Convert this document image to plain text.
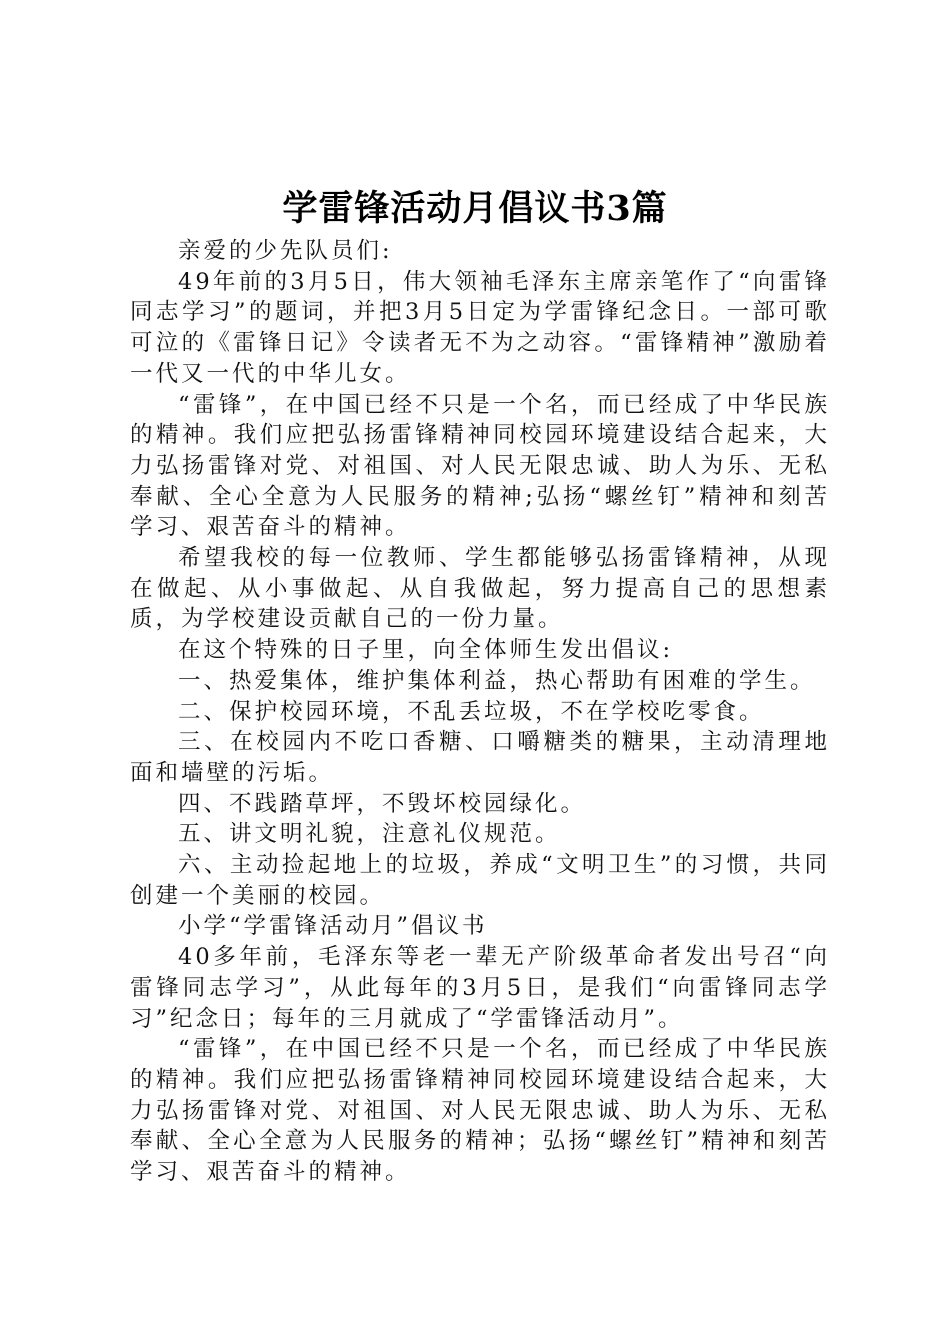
学雷锋活动月倡议书3篇

亲爱的少先队员们:

49年前的3月5日，伟大领袖毛泽东主席亲笔作了“向雷锋同志学习”的题词，并把3月5日定为学雷锋纪念日。一部可歌可泣的《雷锋日记》令读者无不为之动容。“雷锋精神”激励着一代又一代的中华儿女。

“雷锋”，在中国已经不只是一个名，而已经成了中华民族的精神。我们应把弘扬雷锋精神同校园环境建设结合起来，大力弘扬雷锋对党、对祖国、对人民无限忠诚、助人为乐、无私奉献、全心全意为人民服务的精神;弘扬“螺丝钉”精神和刻苦学习、艰苦奋斗的精神。

希望我校的每一位教师、学生都能够弘扬雷锋精神，从现在做起、从小事做起、从自我做起，努力提高自己的思想素质，为学校建设贡献自己的一份力量。

在这个特殊的日子里，向全体师生发出倡议:

一、热爱集体，维护集体利益，热心帮助有困难的学生。

二、保护校园环境，不乱丢垃圾，不在学校吃零食。

三、在校园内不吃口香糖、口嚼糖类的糖果，主动清理地面和墙壁的污垢。

四、不践踏草坪，不毁坏校园绿化。

五、讲文明礼貌，注意礼仪规范。

六、主动捡起地上的垃圾，养成“文明卫生”的习惯，共同创建一个美丽的校园。

小学“学雷锋活动月”倡议书

40多年前，毛泽东等老一辈无产阶级革命者发出号召“向雷锋同志学习”，从此每年的3月5日，是我们“向雷锋同志学习”纪念日；每年的三月就成了“学雷锋活动月”。

“雷锋”，在中国已经不只是一个名，而已经成了中华民族的精神。我们应把弘扬雷锋精神同校园环境建设结合起来，大力弘扬雷锋对党、对祖国、对人民无限忠诚、助人为乐、无私奉献、全心全意为人民服务的精神；弘扬“螺丝钉”精神和刻苦学习、艰苦奋斗的精神。
